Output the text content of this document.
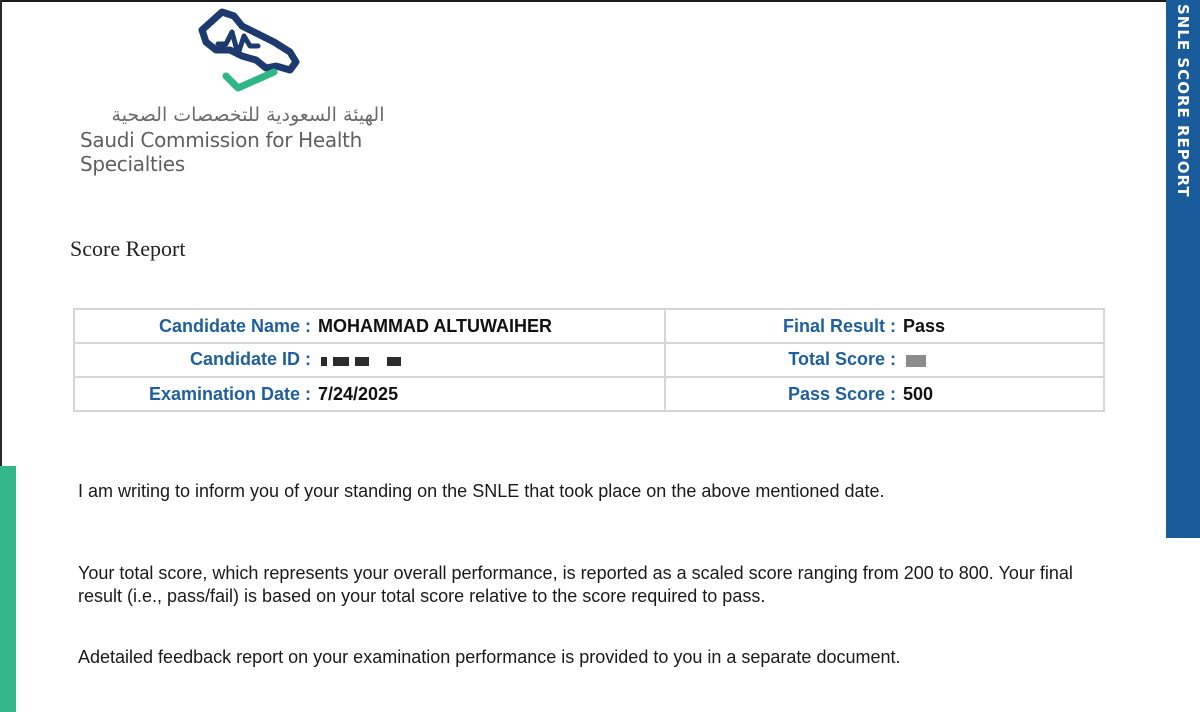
SNLE SCORE REPORT
الهيئة السعودية للتخصصات الصحية
Saudi Commission for Health Specialties
Score Report
Candidate Name : MOHAMMAD ALTUWAIHER	Final Result : Pass
Candidate ID :	Total Score :
Examination Date : 7/24/2025	Pass Score : 500
I am writing to inform you of your standing on the SNLE that took place on the above mentioned date.
Your total score, which represents your overall performance, is reported as a scaled score ranging from 200 to 800. Your final result (i.e., pass/fail) is based on your total score relative to the score required to pass.
Adetailed feedback report on your examination performance is provided to you in a separate document.
